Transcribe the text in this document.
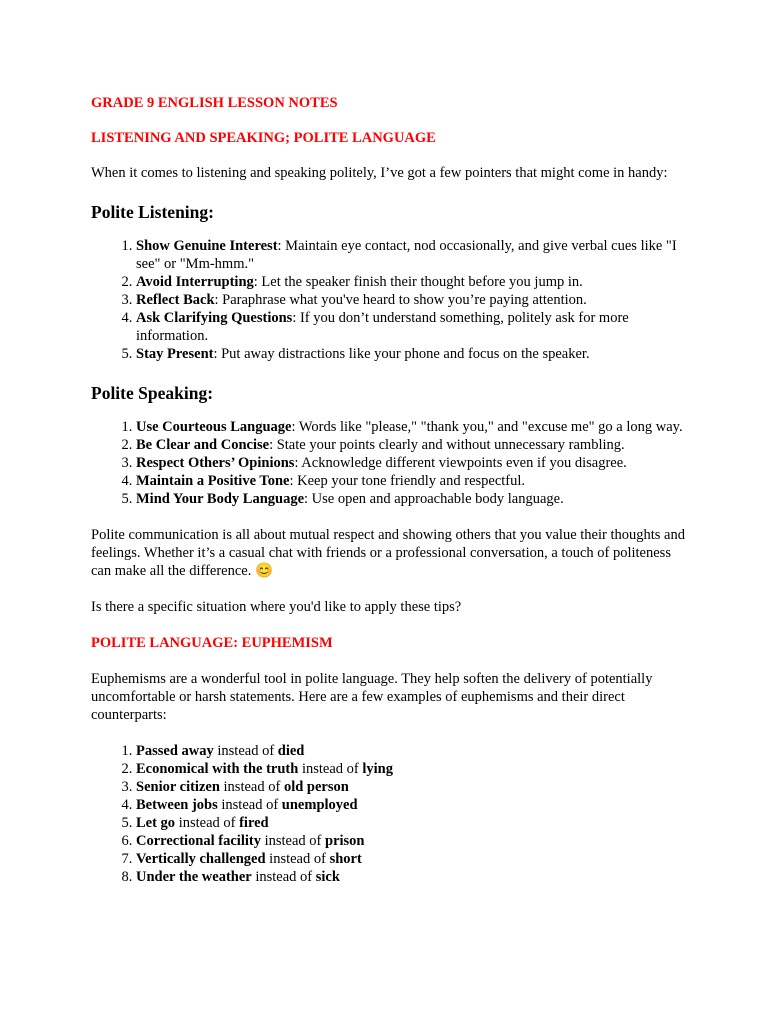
GRADE 9 ENGLISH LESSON NOTES
LISTENING AND SPEAKING; POLITE LANGUAGE

When it comes to listening and speaking politely, I’ve got a few pointers that might come in handy:

Polite Listening:
1. Show Genuine Interest: Maintain eye contact, nod occasionally, and give verbal cues like "I see" or "Mm-hmm."
2. Avoid Interrupting: Let the speaker finish their thought before you jump in.
3. Reflect Back: Paraphrase what you've heard to show you’re paying attention.
4. Ask Clarifying Questions: If you don’t understand something, politely ask for more information.
5. Stay Present: Put away distractions like your phone and focus on the speaker.
Polite Speaking:
1. Use Courteous Language: Words like "please," "thank you," and "excuse me" go a long way.
2. Be Clear and Concise: State your points clearly and without unnecessary rambling.
3. Respect Others’ Opinions: Acknowledge different viewpoints even if you disagree.
4. Maintain a Positive Tone: Keep your tone friendly and respectful.
5. Mind Your Body Language: Use open and approachable body language.

Polite communication is all about mutual respect and showing others that you value their thoughts and feelings. Whether it’s a casual chat with friends or a professional conversation, a touch of politeness can make all the difference. 😊

Is there a specific situation where you'd like to apply these tips?

POLITE LANGUAGE: EUPHEMISM

Euphemisms are a wonderful tool in polite language. They help soften the delivery of potentially uncomfortable or harsh statements. Here are a few examples of euphemisms and their direct counterparts:

1. Passed away instead of died
2. Economical with the truth instead of lying
3. Senior citizen instead of old person
4. Between jobs instead of unemployed
5. Let go instead of fired
6. Correctional facility instead of prison
7. Vertically challenged instead of short
8. Under the weather instead of sick
